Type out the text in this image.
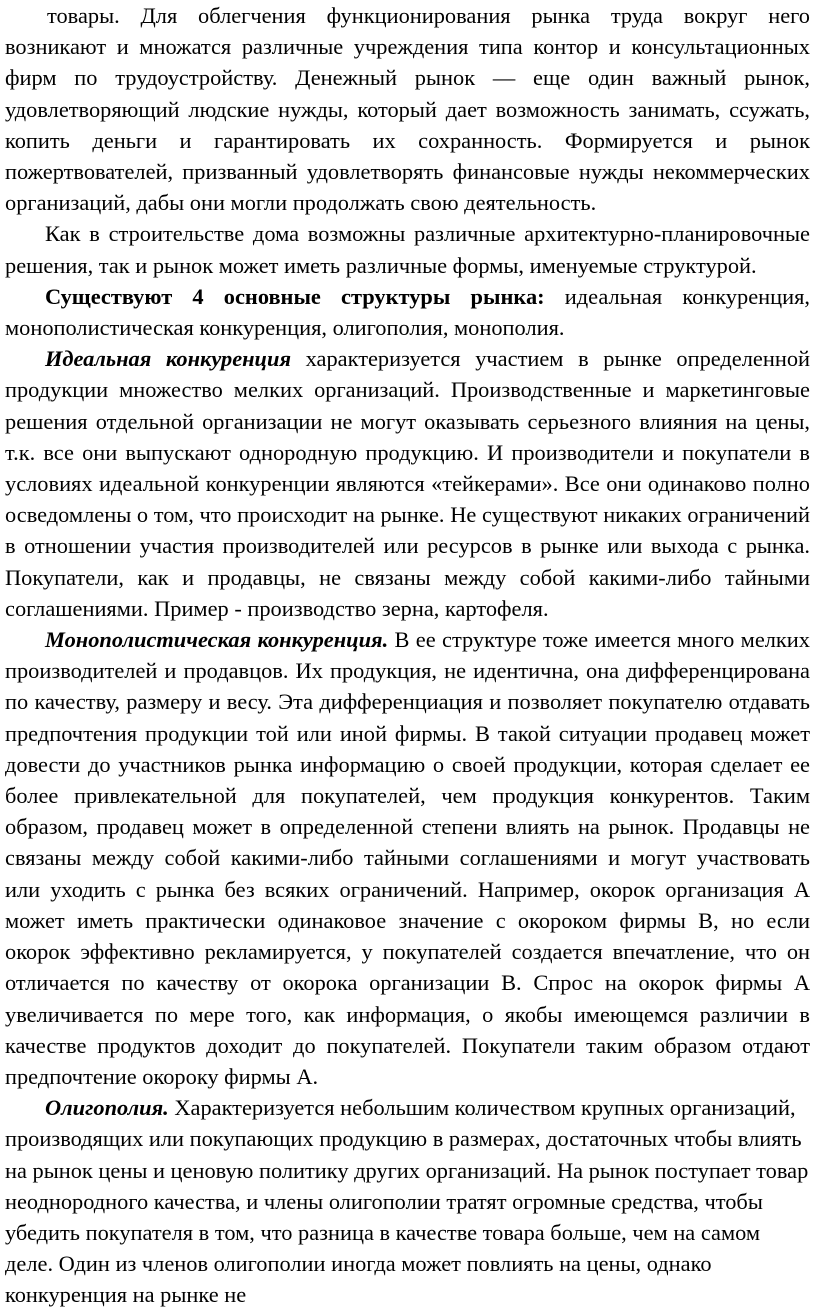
товары. Для облегчения функционирования рынка труда вокруг него возникают и множатся различные учреждения типа контор и консультационных фирм по трудоустройству. Денежный рынок — еще один важный рынок, удовлетворяющий людские нужды, который дает возможность занимать, ссужать, копить деньги и гарантировать их сохранность. Формируется и рынок пожертвователей, призванный удовлетворять финансовые нужды некоммерческих организаций, дабы они могли продолжать свою деятельность.

Как в строительстве дома возможны различные архитектурно-планировочные решения, так и рынок может иметь различные формы, именуемые структурой.

Существуют 4 основные структуры рынка: идеальная конкуренция, монополистическая конкуренция, олигополия, монополия.

Идеальная конкуренция характеризуется участием в рынке определенной продукции множество мелких организаций. Производственные и маркетинговые решения отдельной организации не могут оказывать серьезного влияния на цены, т.к. все они выпускают однородную продукцию. И производители и покупатели в условиях идеальной конкуренции являются «тейкерами». Все они одинаково полно осведомлены о том, что происходит на рынке. Не существуют никаких ограничений в отношении участия производителей или ресурсов в рынке или выхода с рынка. Покупатели, как и продавцы, не связаны между собой какими-либо тайными соглашениями. Пример - производство зерна, картофеля.

Монополистическая конкуренция. В ее структуре тоже имеется много мелких производителей и продавцов. Их продукция, не идентична, она дифференцирована по качеству, размеру и весу. Эта дифференциация и позволяет покупателю отдавать предпочтения продукции той или иной фирмы. В такой ситуации продавец может довести до участников рынка информацию о своей продукции, которая сделает ее более привлекательной для покупателей, чем продукция конкурентов. Таким образом, продавец может в определенной степени влиять на рынок. Продавцы не связаны между собой какими-либо тайными соглашениями и могут участвовать или уходить с рынка без всяких ограничений. Например, окорок организация А может иметь практически одинаковое значение с окороком фирмы В, но если окорок эффективно рекламируется, у покупателей создается впечатление, что он отличается по качеству от окорока организации В. Спрос на окорок фирмы А увеличивается по мере того, как информация, о якобы имеющемся различии в качестве продуктов доходит до покупателей. Покупатели таким образом отдают предпочтение окороку фирмы А.

Олигополия. Характеризуется небольшим количеством крупных организаций, производящих или покупающих продукцию в размерах, достаточных чтобы влиять на рынок цены и ценовую политику других организаций. На рынок поступает товар неоднородного качества, и члены олигополии тратят огромные средства, чтобы убедить покупателя в том, что разница в качестве товара больше, чем на самом деле. Один из членов олигополии иногда может повлиять на цены, однако конкуренция на рынке не
